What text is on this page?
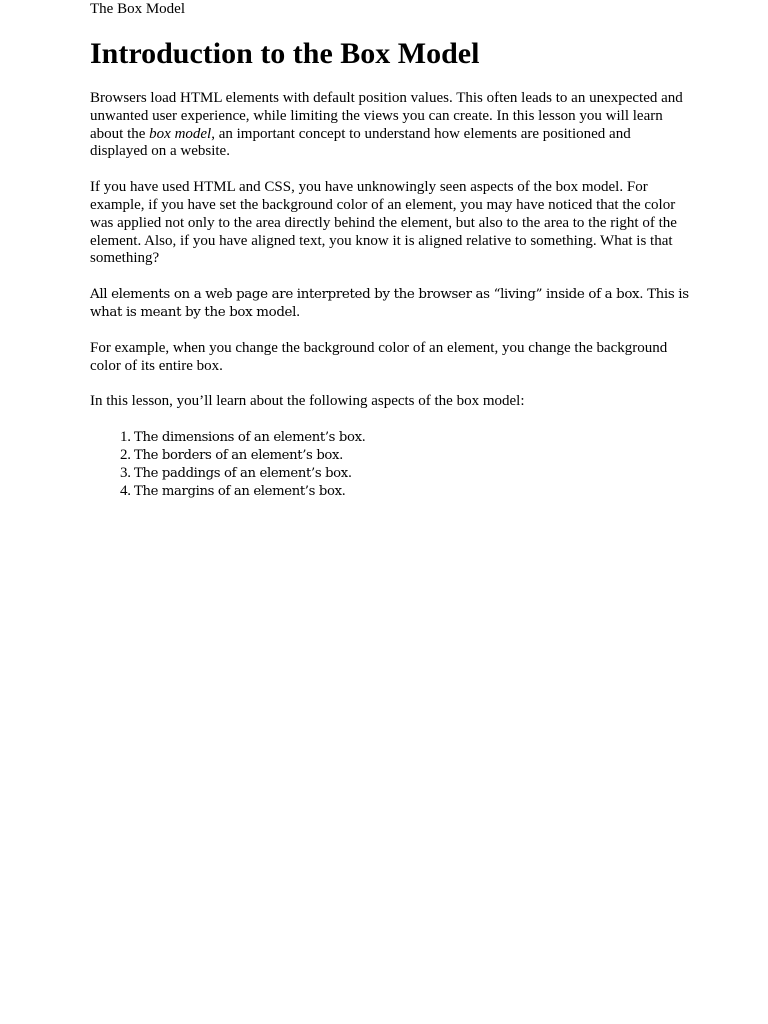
The Box Model
Introduction to the Box Model

Browsers load HTML elements with default position values. This often leads to an unexpected and unwanted user experience, while limiting the views you can create. In this lesson you will learn about the box model, an important concept to understand how elements are positioned and displayed on a website.

If you have used HTML and CSS, you have unknowingly seen aspects of the box model. For example, if you have set the background color of an element, you may have noticed that the color was applied not only to the area directly behind the element, but also to the area to the right of the element. Also, if you have aligned text, you know it is aligned relative to something. What is that something?

All elements on a web page are interpreted by the browser as “living” inside of a box. This is what is meant by the box model.

For example, when you change the background color of an element, you change the background color of its entire box.

In this lesson, you’ll learn about the following aspects of the box model:

1. The dimensions of an element’s box.
2. The borders of an element’s box.
3. The paddings of an element’s box.
4. The margins of an element’s box.
